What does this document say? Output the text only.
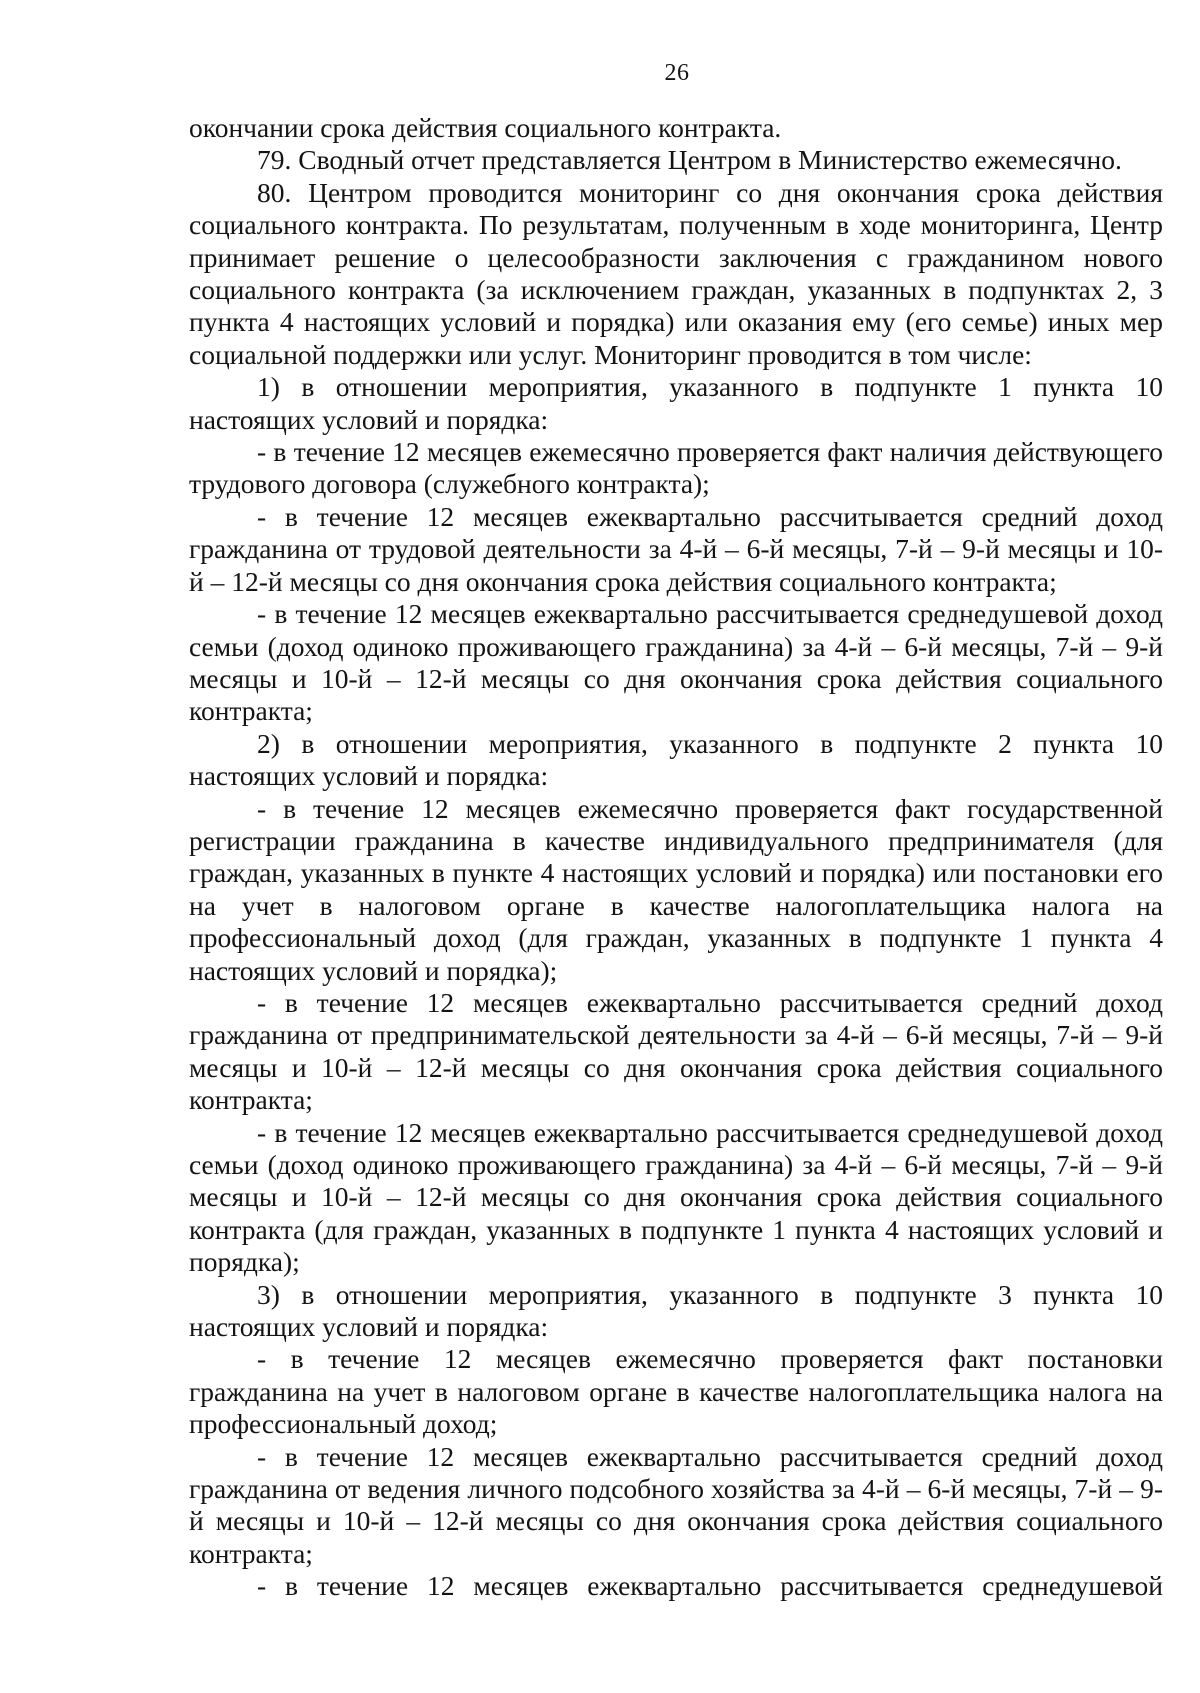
26

окончании срока действия социального контракта.

79. Сводный отчет представляется Центром в Министерство ежемесячно.

80. Центром проводится мониторинг со дня окончания срока действия социального контракта. По результатам, полученным в ходе мониторинга, Центр принимает решение о целесообразности заключения с гражданином нового социального контракта (за исключением граждан, указанных в подпунктах 2, 3 пункта 4 настоящих условий и порядка) или оказания ему (его семье) иных мер социальной поддержки или услуг. Мониторинг проводится в том числе:

1) в отношении мероприятия, указанного в подпункте 1 пункта 10 настоящих условий и порядка:

- в течение 12 месяцев ежемесячно проверяется факт наличия действующего трудового договора (служебного контракта);

- в течение 12 месяцев ежеквартально рассчитывается средний доход гражданина от трудовой деятельности за 4-й – 6-й месяцы, 7-й – 9-й месяцы и 10-й – 12-й месяцы со дня окончания срока действия социального контракта;

- в течение 12 месяцев ежеквартально рассчитывается среднедушевой доход семьи (доход одиноко проживающего гражданина) за 4-й – 6-й месяцы, 7-й – 9-й месяцы и 10-й – 12-й месяцы со дня окончания срока действия социального контракта;

2) в отношении мероприятия, указанного в подпункте 2 пункта 10 настоящих условий и порядка:

- в течение 12 месяцев ежемесячно проверяется факт государственной регистрации гражданина в качестве индивидуального предпринимателя (для граждан, указанных в пункте 4 настоящих условий и порядка) или постановки его на учет в налоговом органе в качестве налогоплательщика налога на профессиональный доход (для граждан, указанных в подпункте 1 пункта 4 настоящих условий и порядка);

- в течение 12 месяцев ежеквартально рассчитывается средний доход гражданина от предпринимательской деятельности за 4-й – 6-й месяцы, 7-й – 9-й месяцы и 10-й – 12-й месяцы со дня окончания срока действия социального контракта;

- в течение 12 месяцев ежеквартально рассчитывается среднедушевой доход семьи (доход одиноко проживающего гражданина) за 4-й – 6-й месяцы, 7-й – 9-й месяцы и 10-й – 12-й месяцы со дня окончания срока действия социального контракта (для граждан, указанных в подпункте 1 пункта 4 настоящих условий и порядка);

3) в отношении мероприятия, указанного в подпункте 3 пункта 10 настоящих условий и порядка:

- в течение 12 месяцев ежемесячно проверяется факт постановки гражданина на учет в налоговом органе в качестве налогоплательщика налога на профессиональный доход;

- в течение 12 месяцев ежеквартально рассчитывается средний доход гражданина от ведения личного подсобного хозяйства за 4-й – 6-й месяцы, 7-й – 9-й месяцы и 10-й – 12-й месяцы со дня окончания срока действия социального контракта;

- в течение 12 месяцев ежеквартально рассчитывается среднедушевой
